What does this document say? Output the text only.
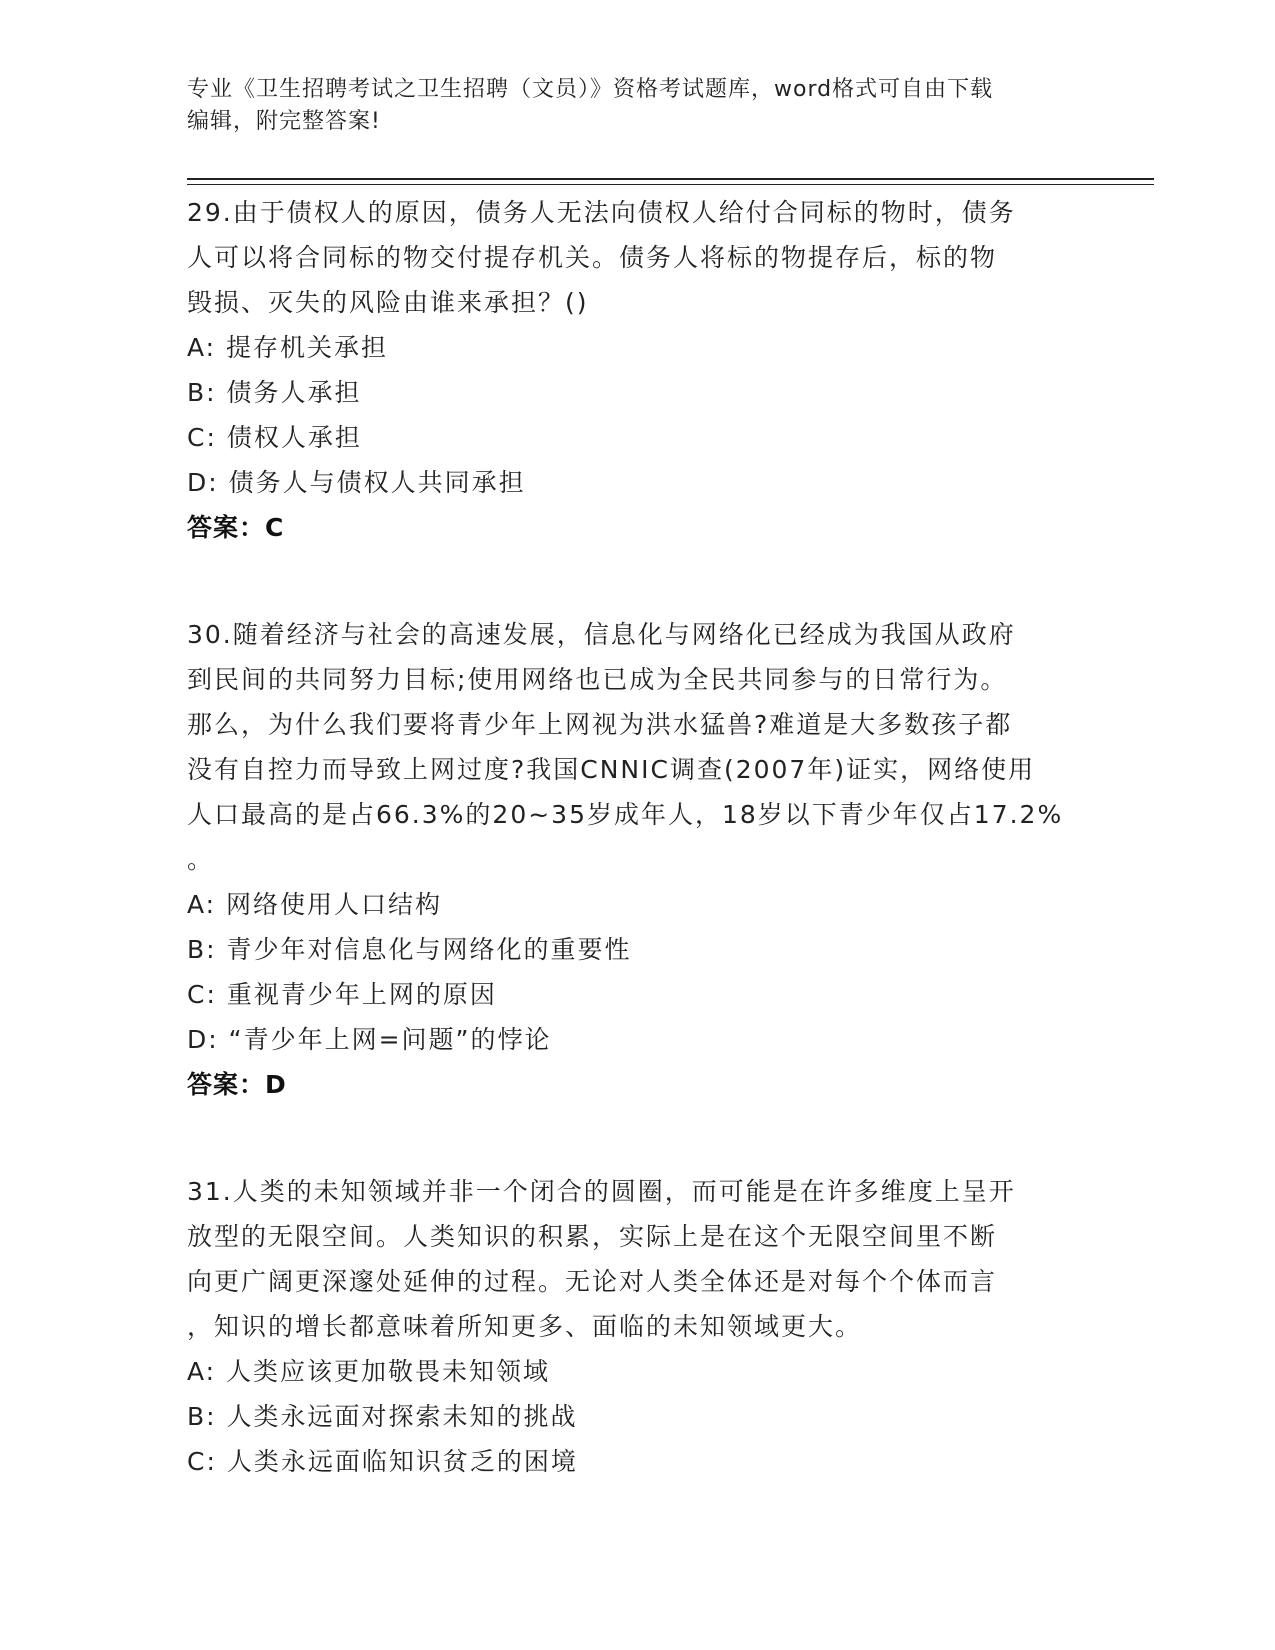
专业《卫生招聘考试之卫生招聘（文员）》资格考试题库，word格式可自由下载
编辑，附完整答案!

29.由于债权人的原因，债务人无法向债权人给付合同标的物时，债务

人可以将合同标的物交付提存机关。债务人将标的物提存后，标的物

毁损、灭失的风险由谁来承担？()

A: 提存机关承担

B: 债务人承担

C: 债权人承担

D: 债务人与债权人共同承担

答案：C

30.随着经济与社会的高速发展，信息化与网络化已经成为我国从政府

到民间的共同努力目标;使用网络也已成为全民共同参与的日常行为。

那么，为什么我们要将青少年上网视为洪水猛兽?难道是大多数孩子都

没有自控力而导致上网过度?我国CNNIC调查(2007年)证实，网络使用

人口最高的是占66.3%的20~35岁成年人，18岁以下青少年仅占17.2%

。

A: 网络使用人口结构

B: 青少年对信息化与网络化的重要性

C: 重视青少年上网的原因

D: “青少年上网=问题”的悖论

答案：D

31.人类的未知领域并非一个闭合的圆圈，而可能是在许多维度上呈开

放型的无限空间。人类知识的积累，实际上是在这个无限空间里不断

向更广阔更深邃处延伸的过程。无论对人类全体还是对每个个体而言

，知识的增长都意味着所知更多、面临的未知领域更大。

A: 人类应该更加敬畏未知领域

B: 人类永远面对探索未知的挑战

C: 人类永远面临知识贫乏的困境
